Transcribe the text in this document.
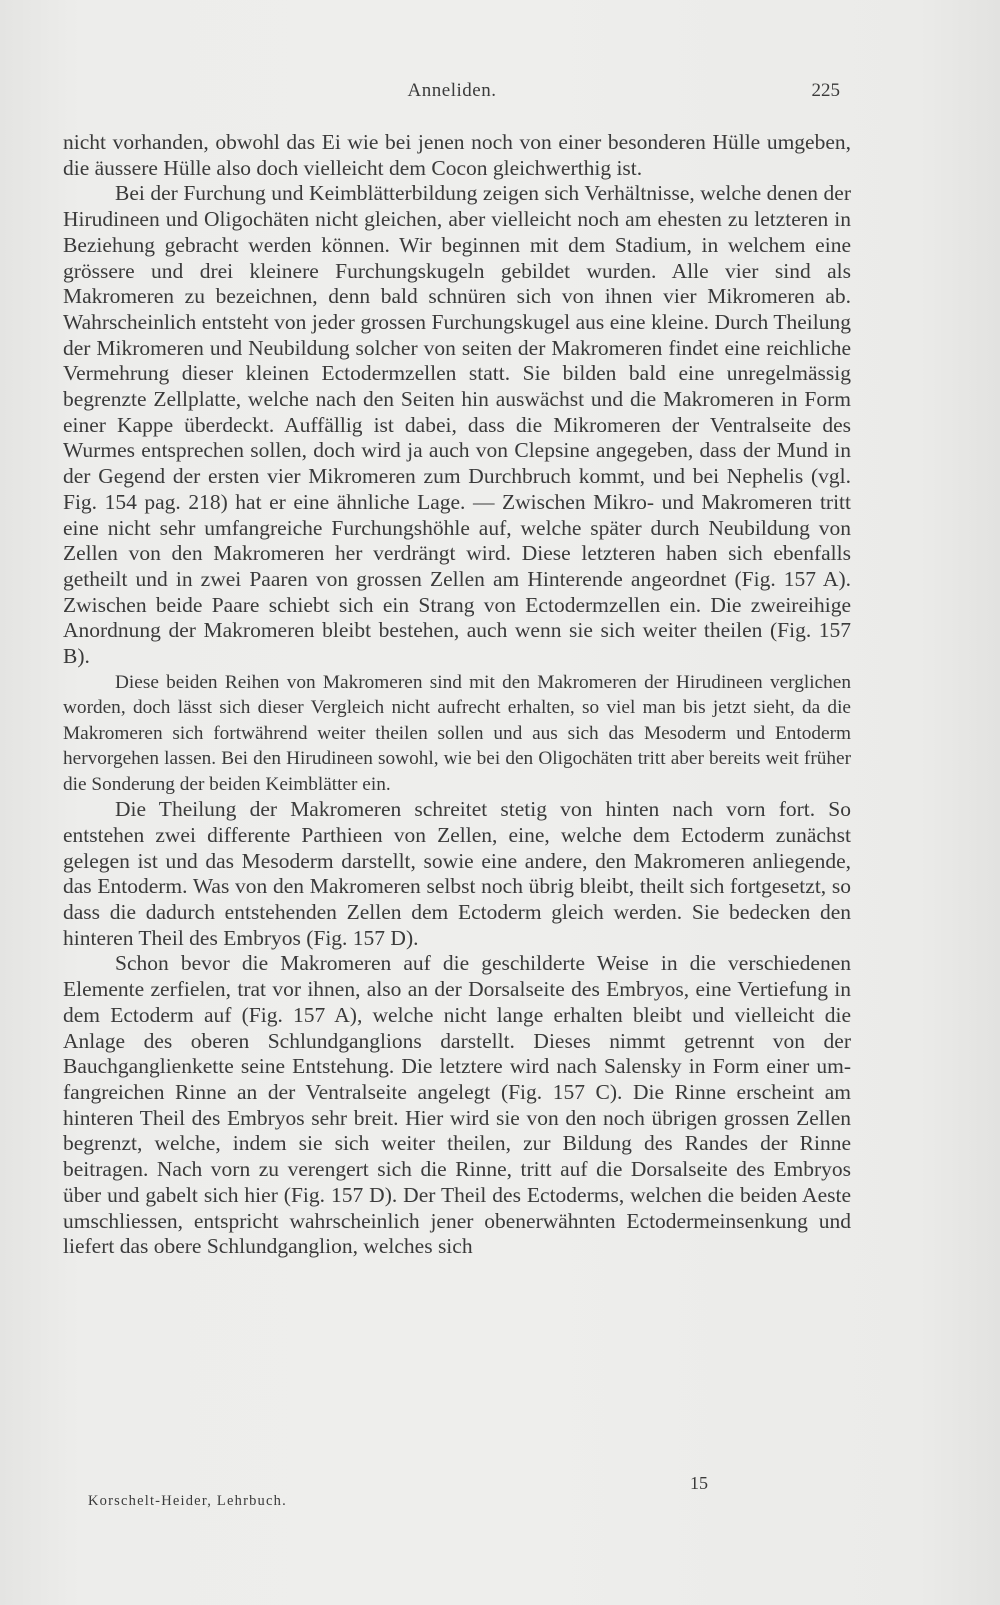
Anneliden.	225

nicht vorhanden, obwohl das Ei wie bei jenen noch von einer besonderen Hülle umgeben, die äussere Hülle also doch vielleicht dem Cocon gleichwerthig ist.

Bei der Furchung und Keimblätterbildung zeigen sich Verhältnisse, welche denen der Hirudineen und Oligochäten nicht gleichen, aber vielleicht noch am ehesten zu letzteren in Beziehung gebracht werden können. Wir beginnen mit dem Stadium, in welchem eine grössere und drei kleinere Furchungskugeln gebildet wurden. Alle vier sind als Makromeren zu bezeichnen, denn bald schnüren sich von ihnen vier Mikromeren ab. Wahrscheinlich entsteht von jeder grossen Furchungskugel aus eine kleine. Durch Theilung der Mikromeren und Neubildung solcher von seiten der Makromeren findet eine reichliche Vermehrung dieser kleinen Ectodermzellen statt. Sie bilden bald eine unregelmässig begrenzte Zellplatte, welche nach den Seiten hin auswächst und die Makromeren in Form einer Kappe überdeckt. Auffällig ist dabei, dass die Mikromeren der Ventralseite des Wurmes entsprechen sollen, doch wird ja auch von Clepsine angegeben, dass der Mund in der Gegend der ersten vier Mikromeren zum Durchbruch kommt, und bei Nephelis (vgl. Fig. 154 pag. 218) hat er eine ähnliche Lage. — Zwischen Mikro- und Makromeren tritt eine nicht sehr umfangreiche Furchungshöhle auf, welche später durch Neubildung von Zellen von den Makromeren her verdrängt wird. Diese letzteren haben sich ebenfalls getheilt und in zwei Paaren von grossen Zellen am Hinterende angeordnet (Fig. 157 A). Zwischen beide Paare schiebt sich ein Strang von Ectodermzellen ein. Die zweireihige Anordnung der Makromeren bleibt bestehen, auch wenn sie sich weiter theilen (Fig. 157 B).

Diese beiden Reihen von Makromeren sind mit den Makromeren der Hirudineen verglichen worden, doch lässt sich dieser Vergleich nicht aufrecht erhalten, so viel man bis jetzt sieht, da die Makromeren sich fortwährend weiter theilen sollen und aus sich das Mesoderm und Entoderm hervorgehen lassen. Bei den Hirudineen sowohl, wie bei den Oligochäten tritt aber bereits weit früher die Sonderung der beiden Keimblätter ein.

Die Theilung der Makromeren schreitet stetig von hinten nach vorn fort. So entstehen zwei differente Parthieen von Zellen, eine, welche dem Ectoderm zunächst gelegen ist und das Mesoderm darstellt, sowie eine andere, den Makromeren anliegende, das Entoderm. Was von den Makromeren selbst noch übrig bleibt, theilt sich fortgesetzt, so dass die dadurch entstehenden Zellen dem Ectoderm gleich werden. Sie bedecken den hinteren Theil des Embryos (Fig. 157 D).

Schon bevor die Makromeren auf die geschilderte Weise in die verschiedenen Elemente zerfielen, trat vor ihnen, also an der Dorsalseite des Embryos, eine Vertiefung in dem Ectoderm auf (Fig. 157 A), welche nicht lange erhalten bleibt und vielleicht die Anlage des oberen Schlundganglions darstellt. Dieses nimmt getrennt von der Bauchganglienkette seine Entstehung. Die letztere wird nach Salensky in Form einer umfangreichen Rinne an der Ventralseite angelegt (Fig. 157 C). Die Rinne erscheint am hinteren Theil des Embryos sehr breit. Hier wird sie von den noch übrigen grossen Zellen begrenzt, welche, indem sie sich weiter theilen, zur Bildung des Randes der Rinne beitragen. Nach vorn zu verengert sich die Rinne, tritt auf die Dorsalseite des Embryos über und gabelt sich hier (Fig. 157 D). Der Theil des Ectoderms, welchen die beiden Aeste umschliessen, entspricht wahrscheinlich jener obenerwähnten Ectodermeinsenkung und liefert das obere Schlundganglion, welches sich

15
Korschelt-Heider, Lehrbuch.
